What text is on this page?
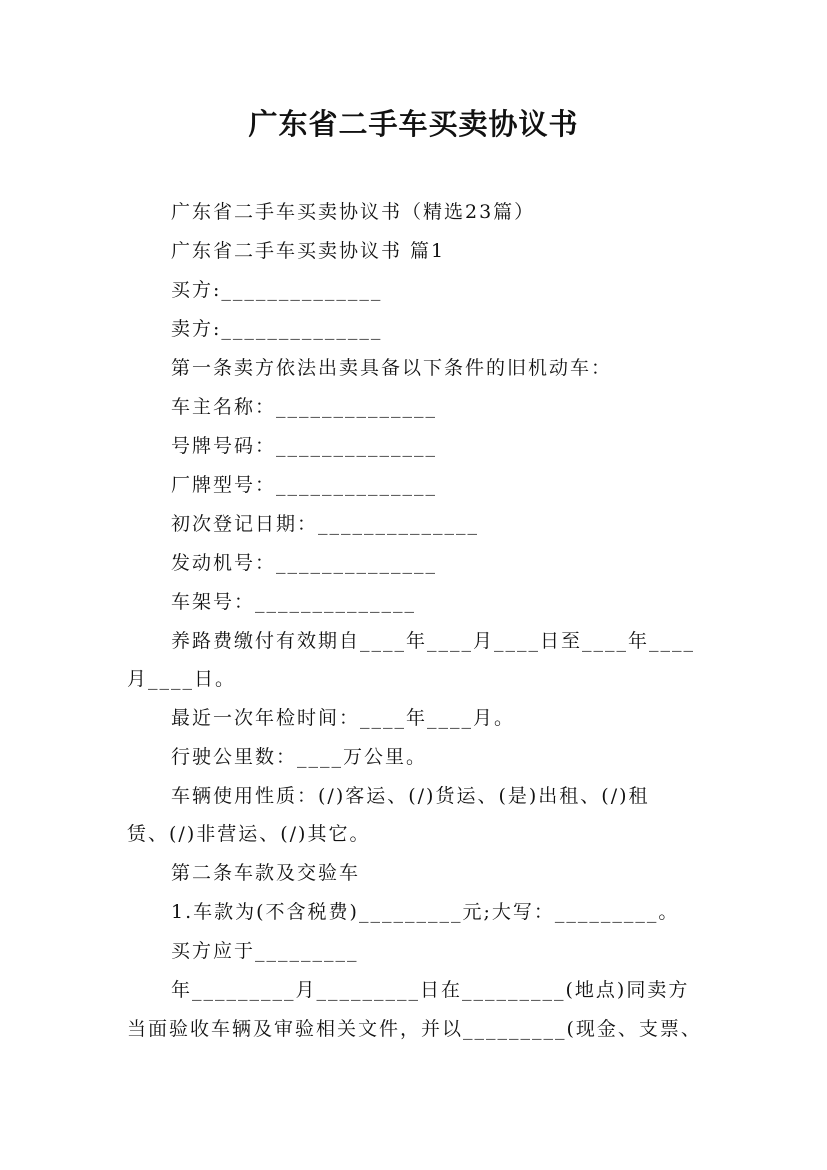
广东省二手车买卖协议书
广东省二手车买卖协议书（精选23篇）
广东省二手车买卖协议书 篇1
买方:______________
卖方:______________
第一条卖方依法出卖具备以下条件的旧机动车：
车主名称：______________
号牌号码：______________
厂牌型号：______________
初次登记日期：______________
发动机号：______________
车架号：______________
养路费缴付有效期自____年____月____日至____年____
月____日。
最近一次年检时间：____年____月。
行驶公里数：____万公里。
车辆使用性质：(/)客运、(/)货运、(是)出租、(/)租
赁、(/)非营运、(/)其它。
第二条车款及交验车
1.车款为(不含税费)_________元;大写：_________。
买方应于_________
年_________月_________日在_________(地点)同卖方
当面验收车辆及审验相关文件，并以_________(现金、支票、
